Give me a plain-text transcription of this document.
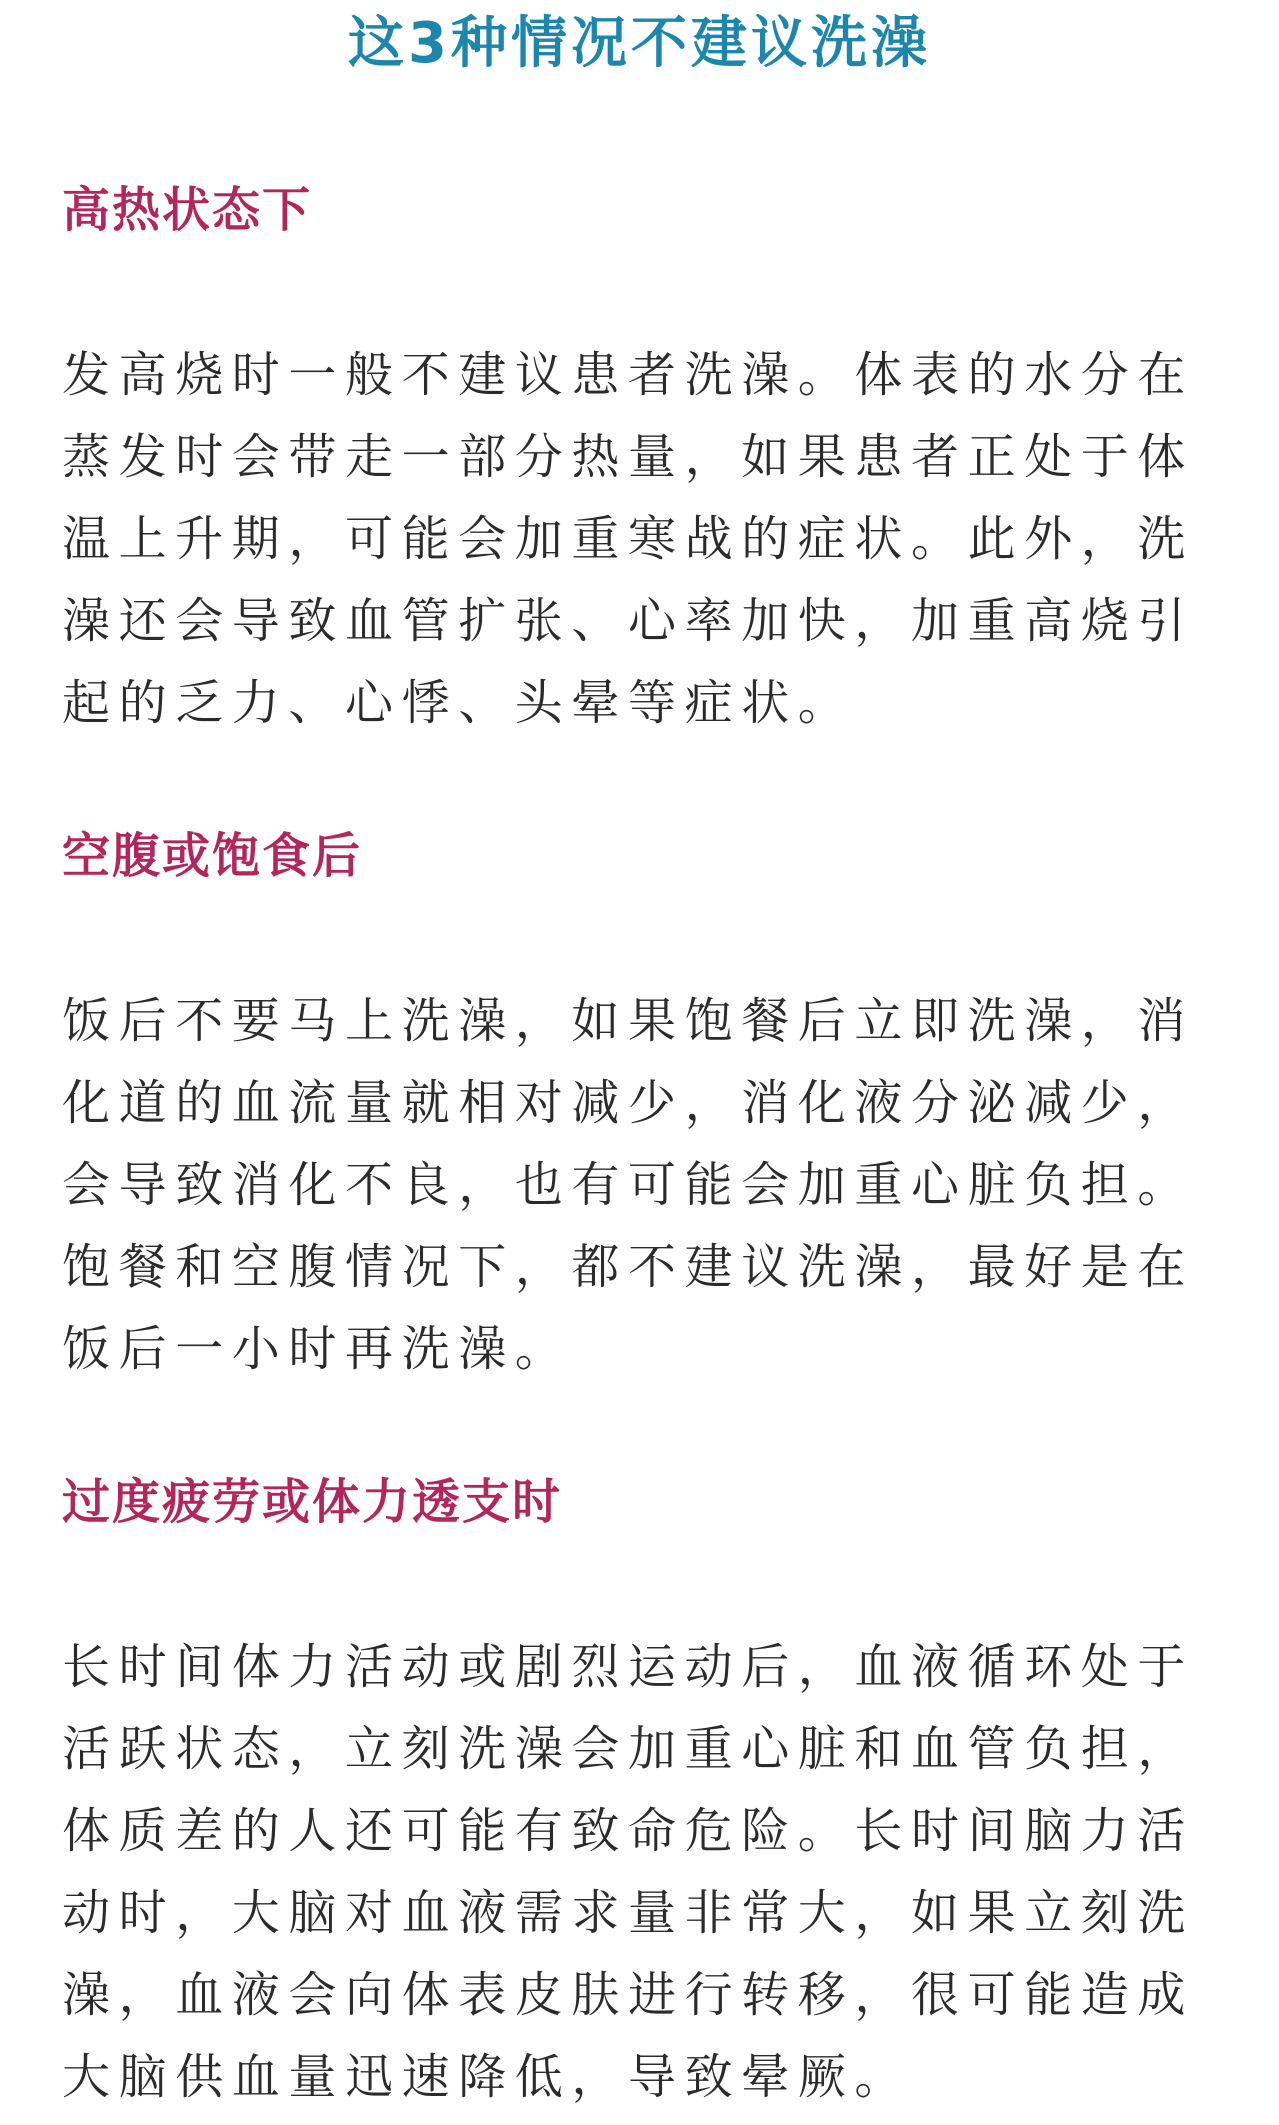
这3种情况不建议洗澡
高热状态下
发高烧时一般不建议患者洗澡。体表的水分在蒸发时会带走一部分热量，如果患者正处于体温上升期，可能会加重寒战的症状。此外，洗澡还会导致血管扩张、心率加快，加重高烧引起的乏力、心悸、头晕等症状。
空腹或饱食后
饭后不要马上洗澡，如果饱餐后立即洗澡，消化道的血流量就相对减少，消化液分泌减少，会导致消化不良，也有可能会加重心脏负担。饱餐和空腹情况下，都不建议洗澡，最好是在饭后一小时再洗澡。
过度疲劳或体力透支时
长时间体力活动或剧烈运动后，血液循环处于活跃状态，立刻洗澡会加重心脏和血管负担，体质差的人还可能有致命危险。长时间脑力活动时，大脑对血液需求量非常大，如果立刻洗澡，血液会向体表皮肤进行转移，很可能造成大脑供血量迅速降低，导致晕厥。
